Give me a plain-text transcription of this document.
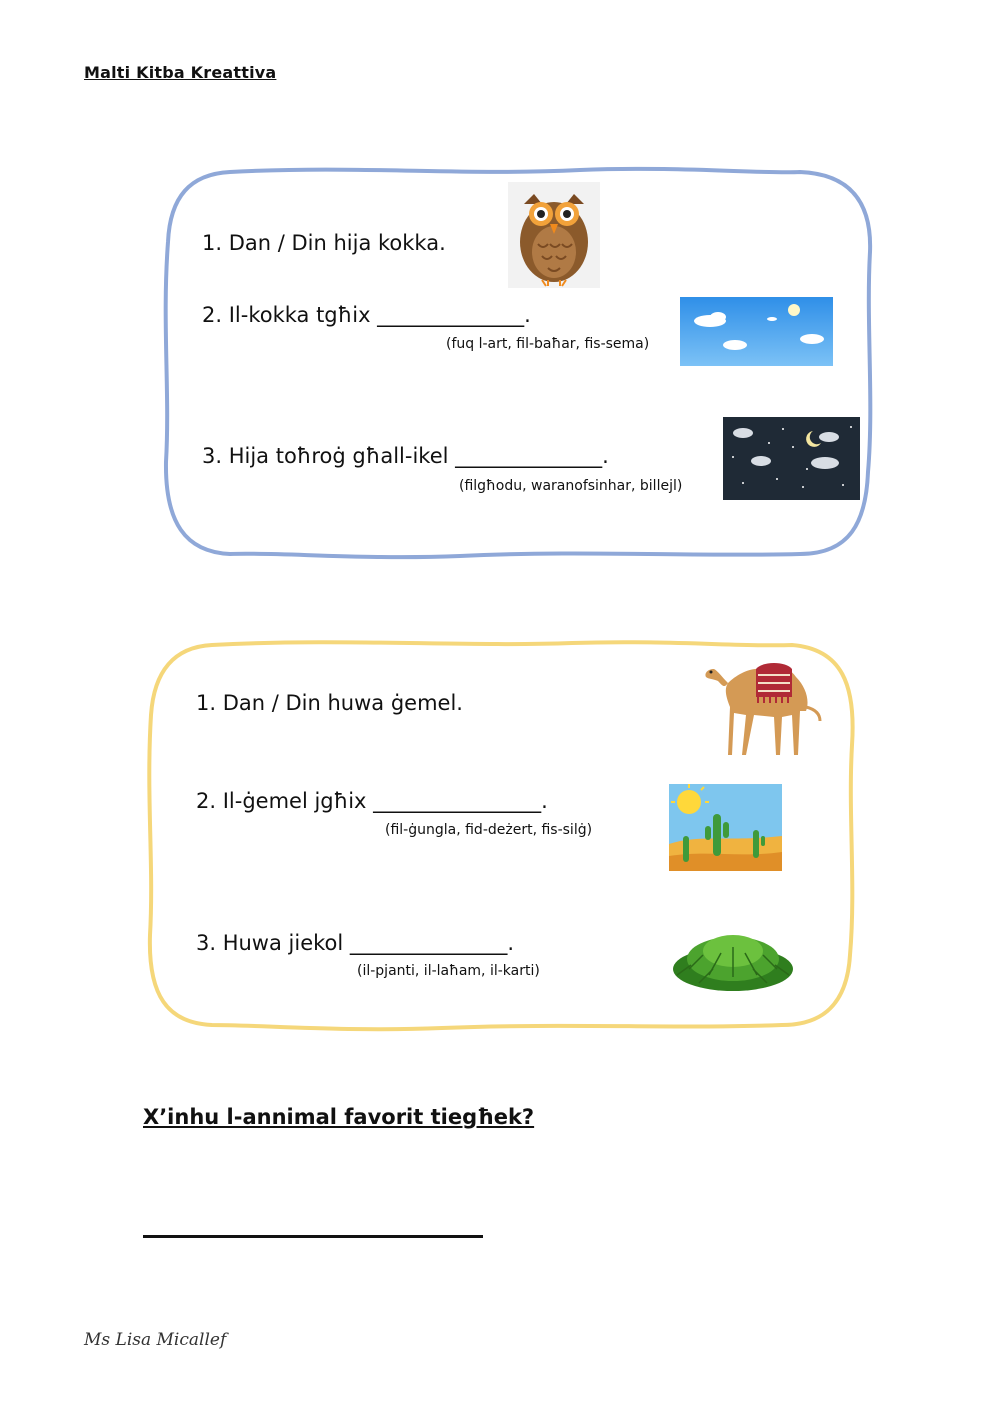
Malti Kitba Kreattiva
1. Dan / Din hija kokka.
2. Il-kokka tgħix ______________.
(fuq l-art, fil-baħar, fis-sema)
3. Hija toħroġ għall-ikel ______________.
(filgħodu, waranofsinhar, billejl)
1. Dan / Din huwa ġemel.
2. Il-ġemel jgħix ________________.
(fil-ġungla, fid-deżert, fis-silġ)
3. Huwa jiekol _______________.
(il-pjanti, il-laħam, il-karti)
X’inhu l-annimal favorit tiegħek?
Ms Lisa Micallef
